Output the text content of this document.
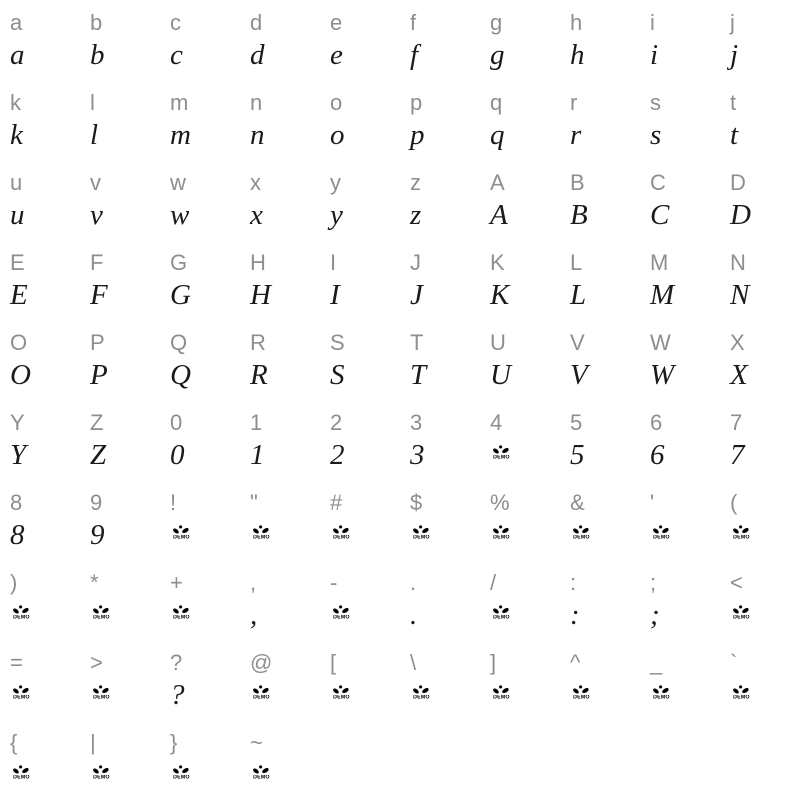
a
a
b
b
c
c
d
d
e
e
f
f
g
g
h
h
i
i
j
j
k
k
l
l
m
m
n
n
o
o
p
p
q
q
r
r
s
s
t
t
u
u
v
v
w
w
x
x
y
y
z
z
A
A
B
B
C
C
D
D
E
E
F
F
G
G
H
H
I
I
J
J
K
K
L
L
M
M
N
N
O
O
P
P
Q
Q
R
R
S
S
T
T
U
U
V
V
W
W
X
X
Y
Y
Z
Z
0
0
1
1
2
2
3
3
4
DEMO
5
5
6
6
7
7
8
8
9
9
!
DEMO
"
DEMO
#
DEMO
$
DEMO
%
DEMO
&
DEMO
'
DEMO
(
DEMO
)
DEMO
*
DEMO
+
DEMO
,
,
-
DEMO
.
.
/
DEMO
:
:
;
;
<
DEMO
=
DEMO
>
DEMO
?
?
@
DEMO
[
DEMO
\
DEMO
]
DEMO
^
DEMO
_
DEMO
`
DEMO
{
DEMO
|
DEMO
}
DEMO
~
DEMO
